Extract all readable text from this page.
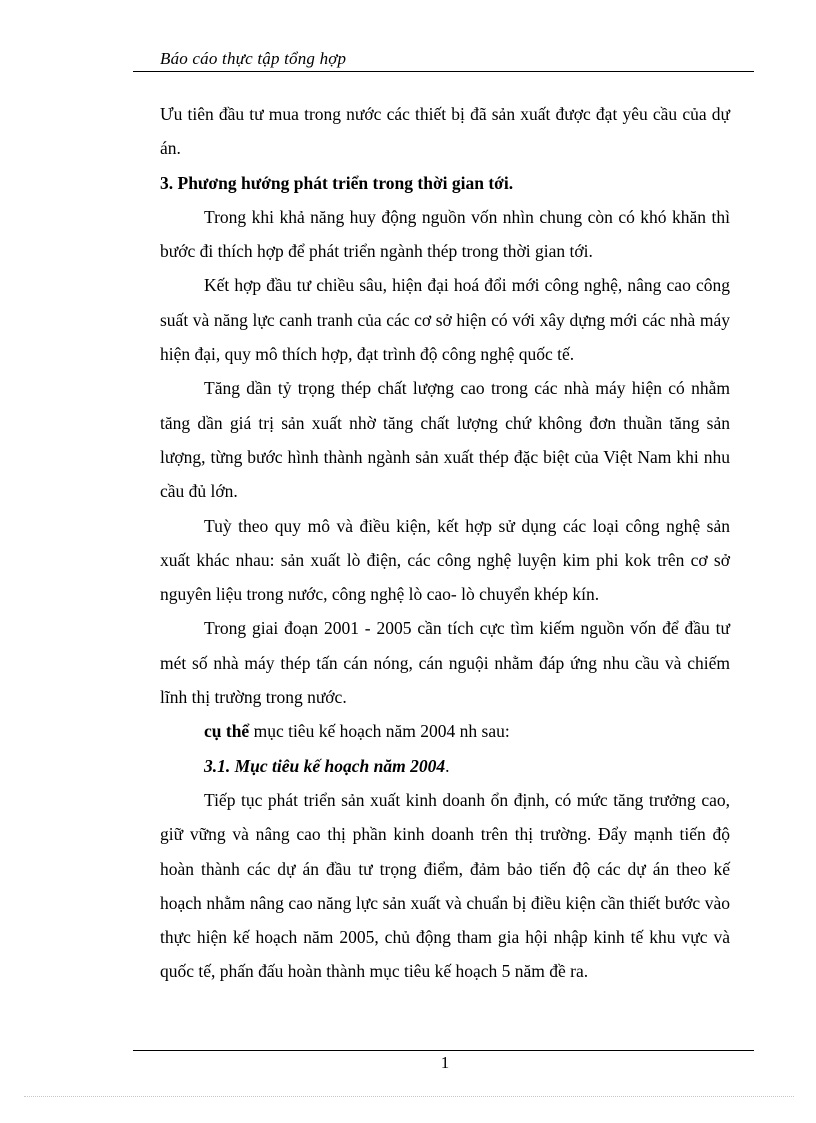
Báo cáo thực tập tổng hợp

Ưu tiên đầu tư mua trong nước các thiết bị đã sản xuất được đạt yêu cầu của dự án.

3. Phương hướng phát triển trong thời gian tới.

Trong khi khả năng huy động nguồn vốn nhìn chung còn có khó khăn thì bước đi thích hợp để phát triển ngành thép trong thời gian tới.

Kết hợp đầu tư chiều sâu, hiện đại hoá đổi mới công nghệ, nâng cao công suất và năng lực canh tranh của các cơ sở hiện có với xây dựng mới các nhà máy hiện đại, quy mô thích hợp, đạt trình độ công nghệ quốc tế.

Tăng dần tỷ trọng thép chất lượng cao trong các nhà máy hiện có nhằm tăng dần giá trị sản xuất nhờ tăng chất lượng chứ không đơn thuần tăng sản lượng, từng bước hình thành ngành sản xuất thép đặc biệt của Việt Nam khi nhu cầu đủ lớn.

Tuỳ theo quy mô và điều kiện, kết hợp sử dụng các loại công nghệ sản xuất khác nhau: sản xuất lò điện, các công nghệ luyện kim phi kok trên cơ sở nguyên liệu trong nước, công nghệ lò cao- lò chuyển khép kín.

Trong giai đoạn 2001 - 2005 cần tích cực tìm kiếm nguồn vốn để đầu tư mét số nhà máy thép tấn cán nóng, cán nguội nhằm đáp ứng nhu cầu và chiếm lĩnh thị trường trong nước.

cụ thể mục tiêu kế hoạch năm 2004 nh sau:

3.1. Mục tiêu kế hoạch năm 2004.

Tiếp tục phát triển sản xuất kinh doanh ổn định, có mức tăng trưởng cao, giữ vững và nâng cao thị phần kinh doanh trên thị trường. Đẩy mạnh tiến độ hoàn thành các dự án đầu tư trọng điểm, đảm bảo tiến độ các dự án theo kế hoạch nhằm nâng cao năng lực sản xuất và chuẩn bị điều kiện cần thiết bước vào thực hiện kế hoạch năm 2005, chủ động tham gia hội nhập kinh tế khu vực và quốc tế, phấn đấu hoàn thành mục tiêu kế hoạch 5 năm đề ra.

1
